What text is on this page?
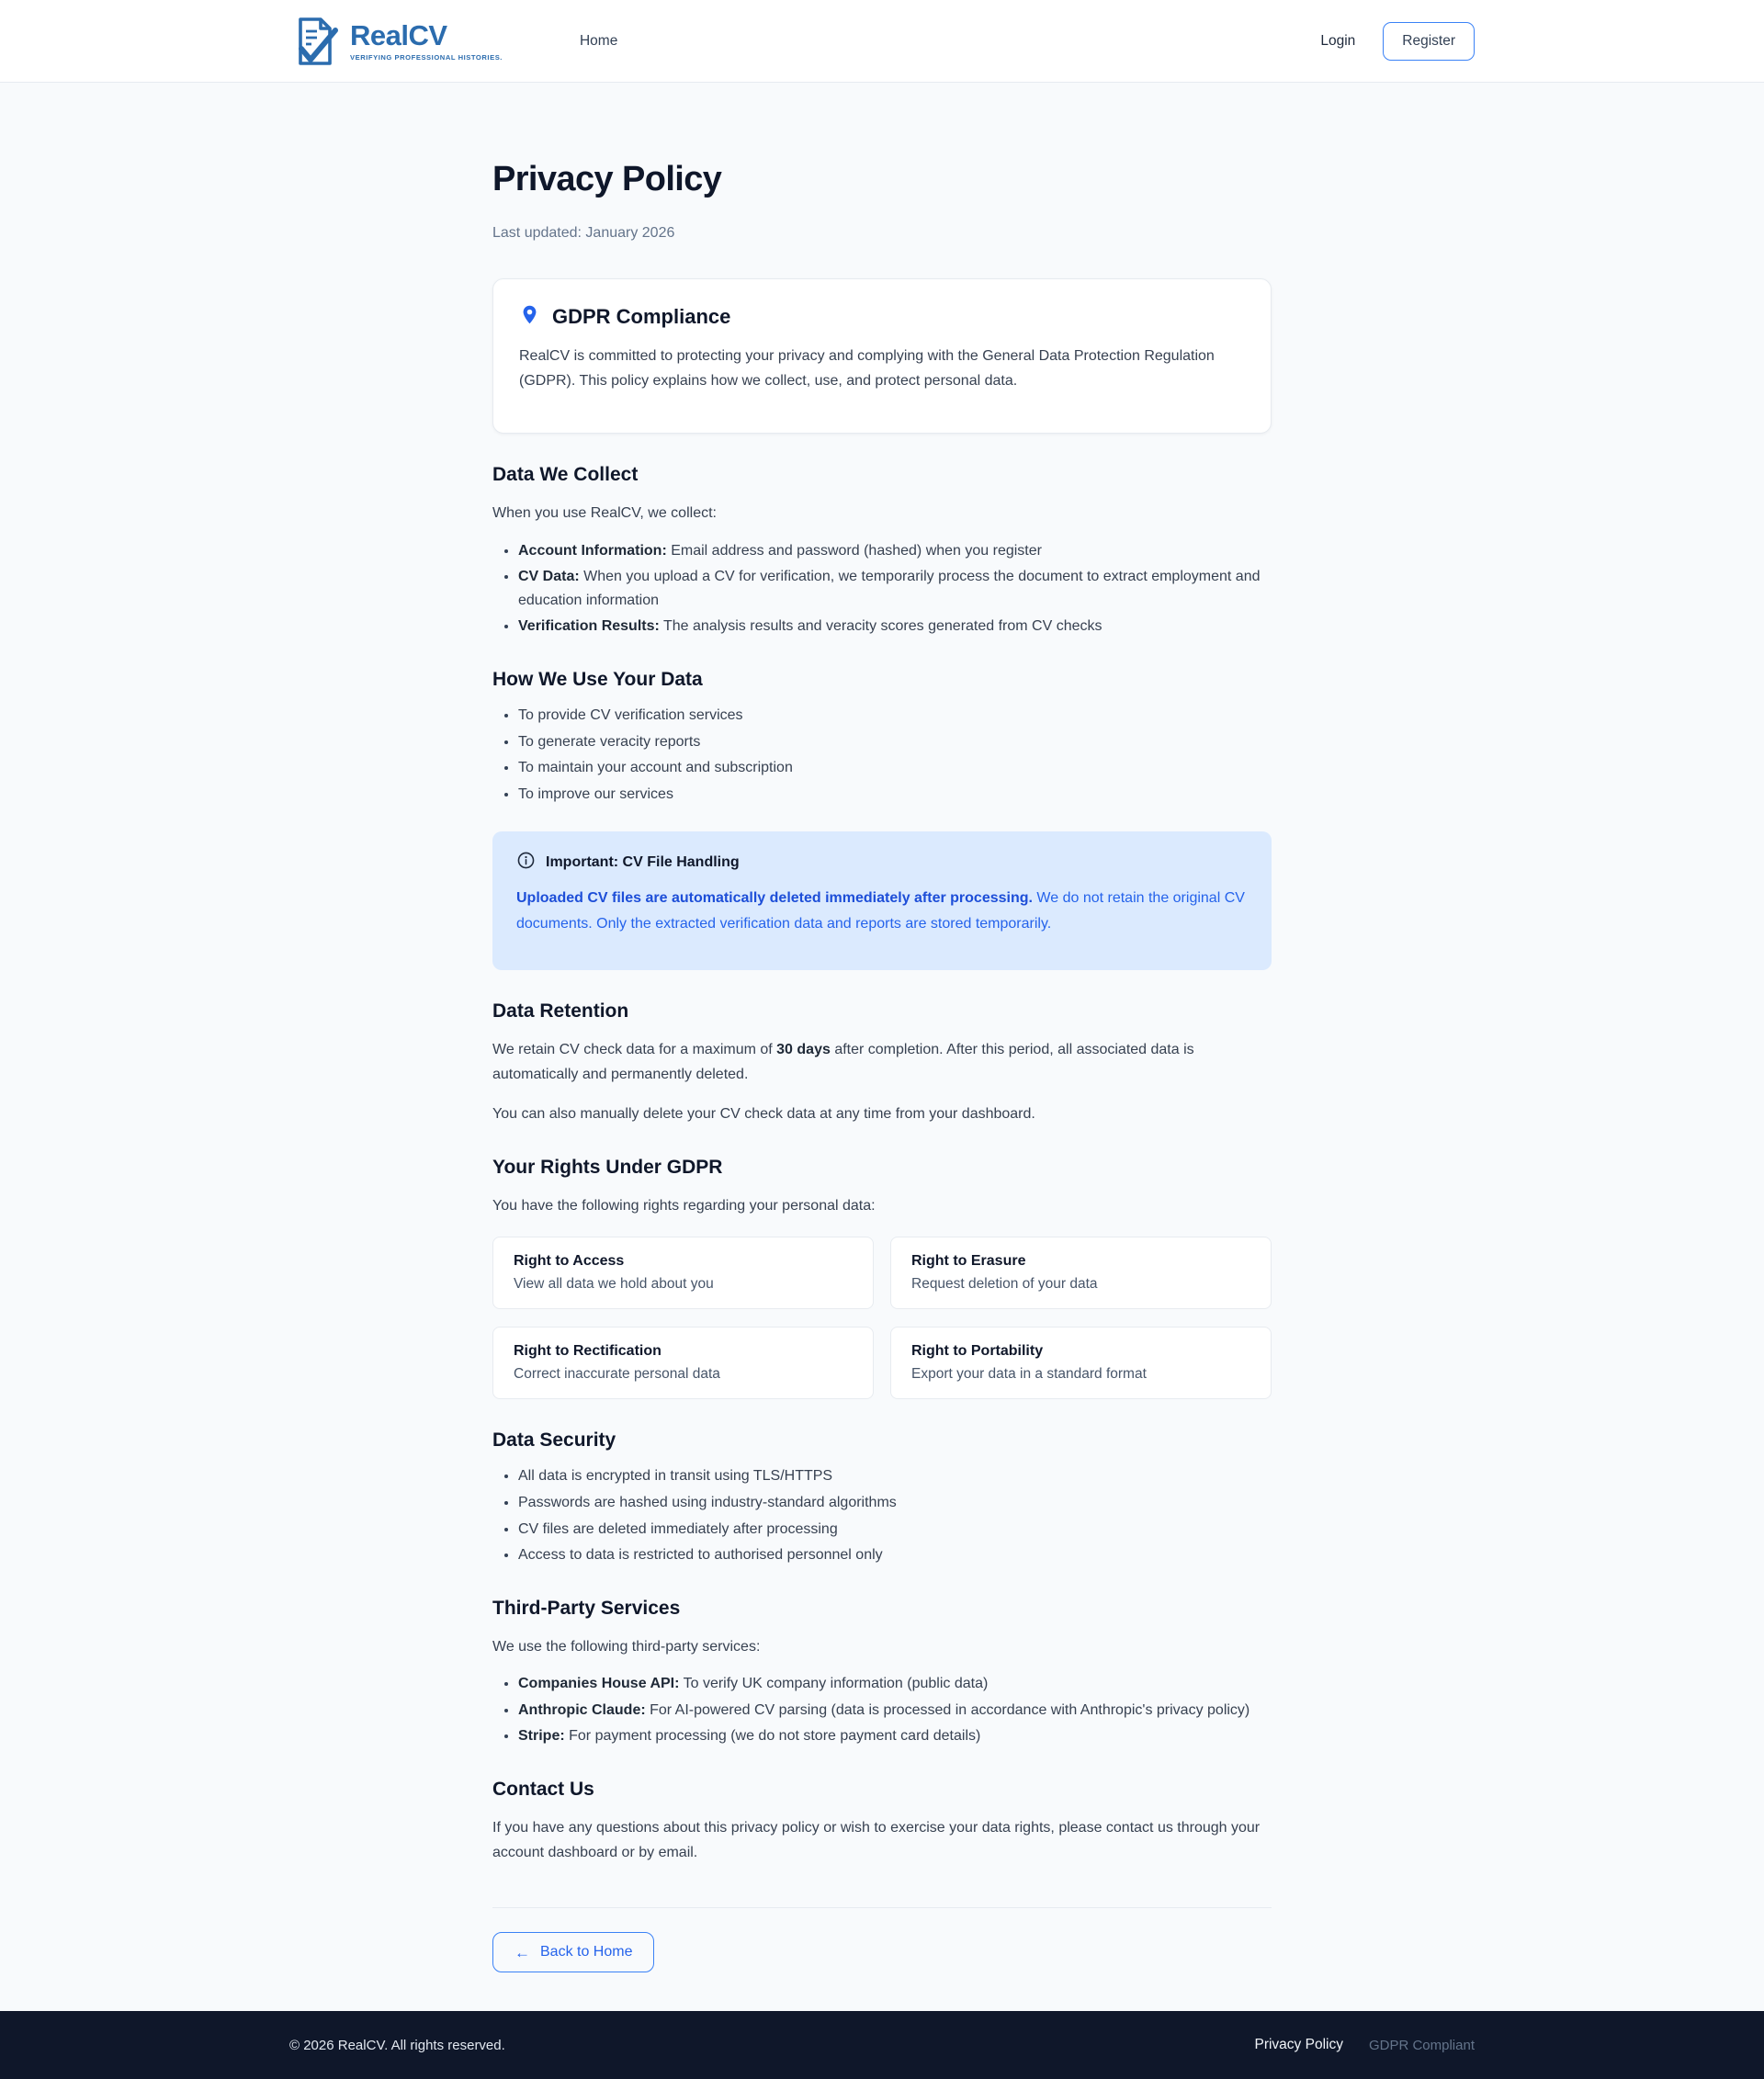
RealCV
VERIFYING PROFESSIONAL HISTORIES.
Home	Login	Register
Privacy Policy
Last updated: January 2026
GDPR Compliance

RealCV is committed to protecting your privacy and complying with the General Data Protection Regulation (GDPR). This policy explains how we collect, use, and protect personal data.

Data We Collect

When you use RealCV, we collect:

• Account Information: Email address and password (hashed) when you register
• CV Data: When you upload a CV for verification, we temporarily process the document to extract employment and education information
• Verification Results: The analysis results and veracity scores generated from CV checks
How We Use Your Data
• To provide CV verification services
• To generate veracity reports
• To maintain your account and subscription
• To improve our services
Important: CV File Handling

Uploaded CV files are automatically deleted immediately after processing. We do not retain the original CV documents. Only the extracted verification data and reports are stored temporarily.

Data Retention

We retain CV check data for a maximum of 30 days after completion. After this period, all associated data is automatically and permanently deleted.

You can also manually delete your CV check data at any time from your dashboard.

Your Rights Under GDPR

You have the following rights regarding your personal data:

Right to Access
View all data we hold about you
Right to Erasure
Request deletion of your data
Right to Rectification
Correct inaccurate personal data
Right to Portability
Export your data in a standard format
Data Security
• All data is encrypted in transit using TLS/HTTPS
• Passwords are hashed using industry-standard algorithms
• CV files are deleted immediately after processing
• Access to data is restricted to authorised personnel only
Third-Party Services

We use the following third-party services:

• Companies House API: To verify UK company information (public data)
• Anthropic Claude: For AI-powered CV parsing (data is processed in accordance with Anthropic's privacy policy)
• Stripe: For payment processing (we do not store payment card details)
Contact Us

If you have any questions about this privacy policy or wish to exercise your data rights, please contact us through your account dashboard or by email.

← Back to Home
© 2026 RealCV. All rights reserved.	Privacy Policy GDPR Compliant
